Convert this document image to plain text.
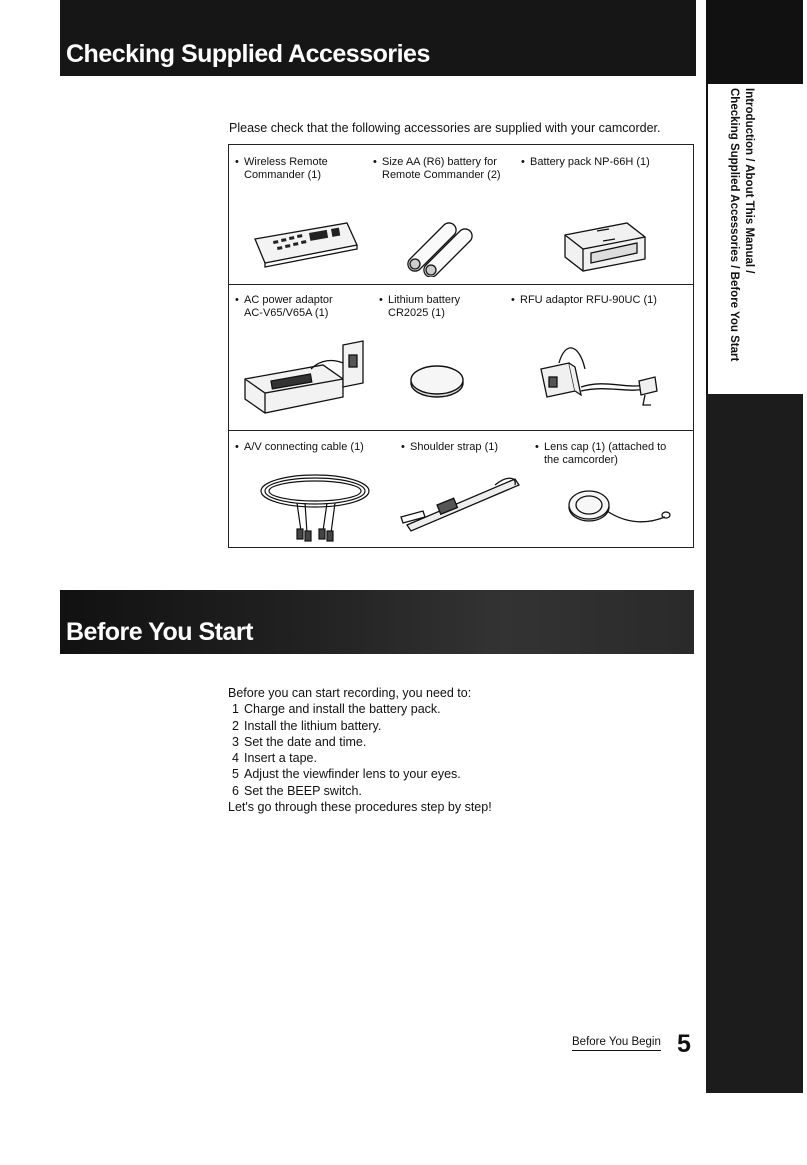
Checking Supplied Accessories
Introduction / About This Manual /
Checking Supplied Accessories / Before You Start
Please check that the following accessories are supplied with your camcorder.
• Wireless Remote
Commander (1)
• Size AA (R6) battery for
Remote Commander (2)
• Battery pack NP-66H (1)
• AC power adaptor
AC-V65/V65A (1)
• Lithium battery
CR2025 (1)
• RFU adaptor RFU-90UC (1)
• A/V connecting cable (1)	• Shoulder strap (1)	• Lens cap (1) (attached to
the camcorder)
Before You Start
Before you can start recording, you need to:
1 Charge and install the battery pack.
2 Install the lithium battery.
3 Set the date and time.
4 Insert a tape.
5 Adjust the viewfinder lens to your eyes.
6 Set the BEEP switch.
Let's go through these procedures step by step!
Before You Begin 5
